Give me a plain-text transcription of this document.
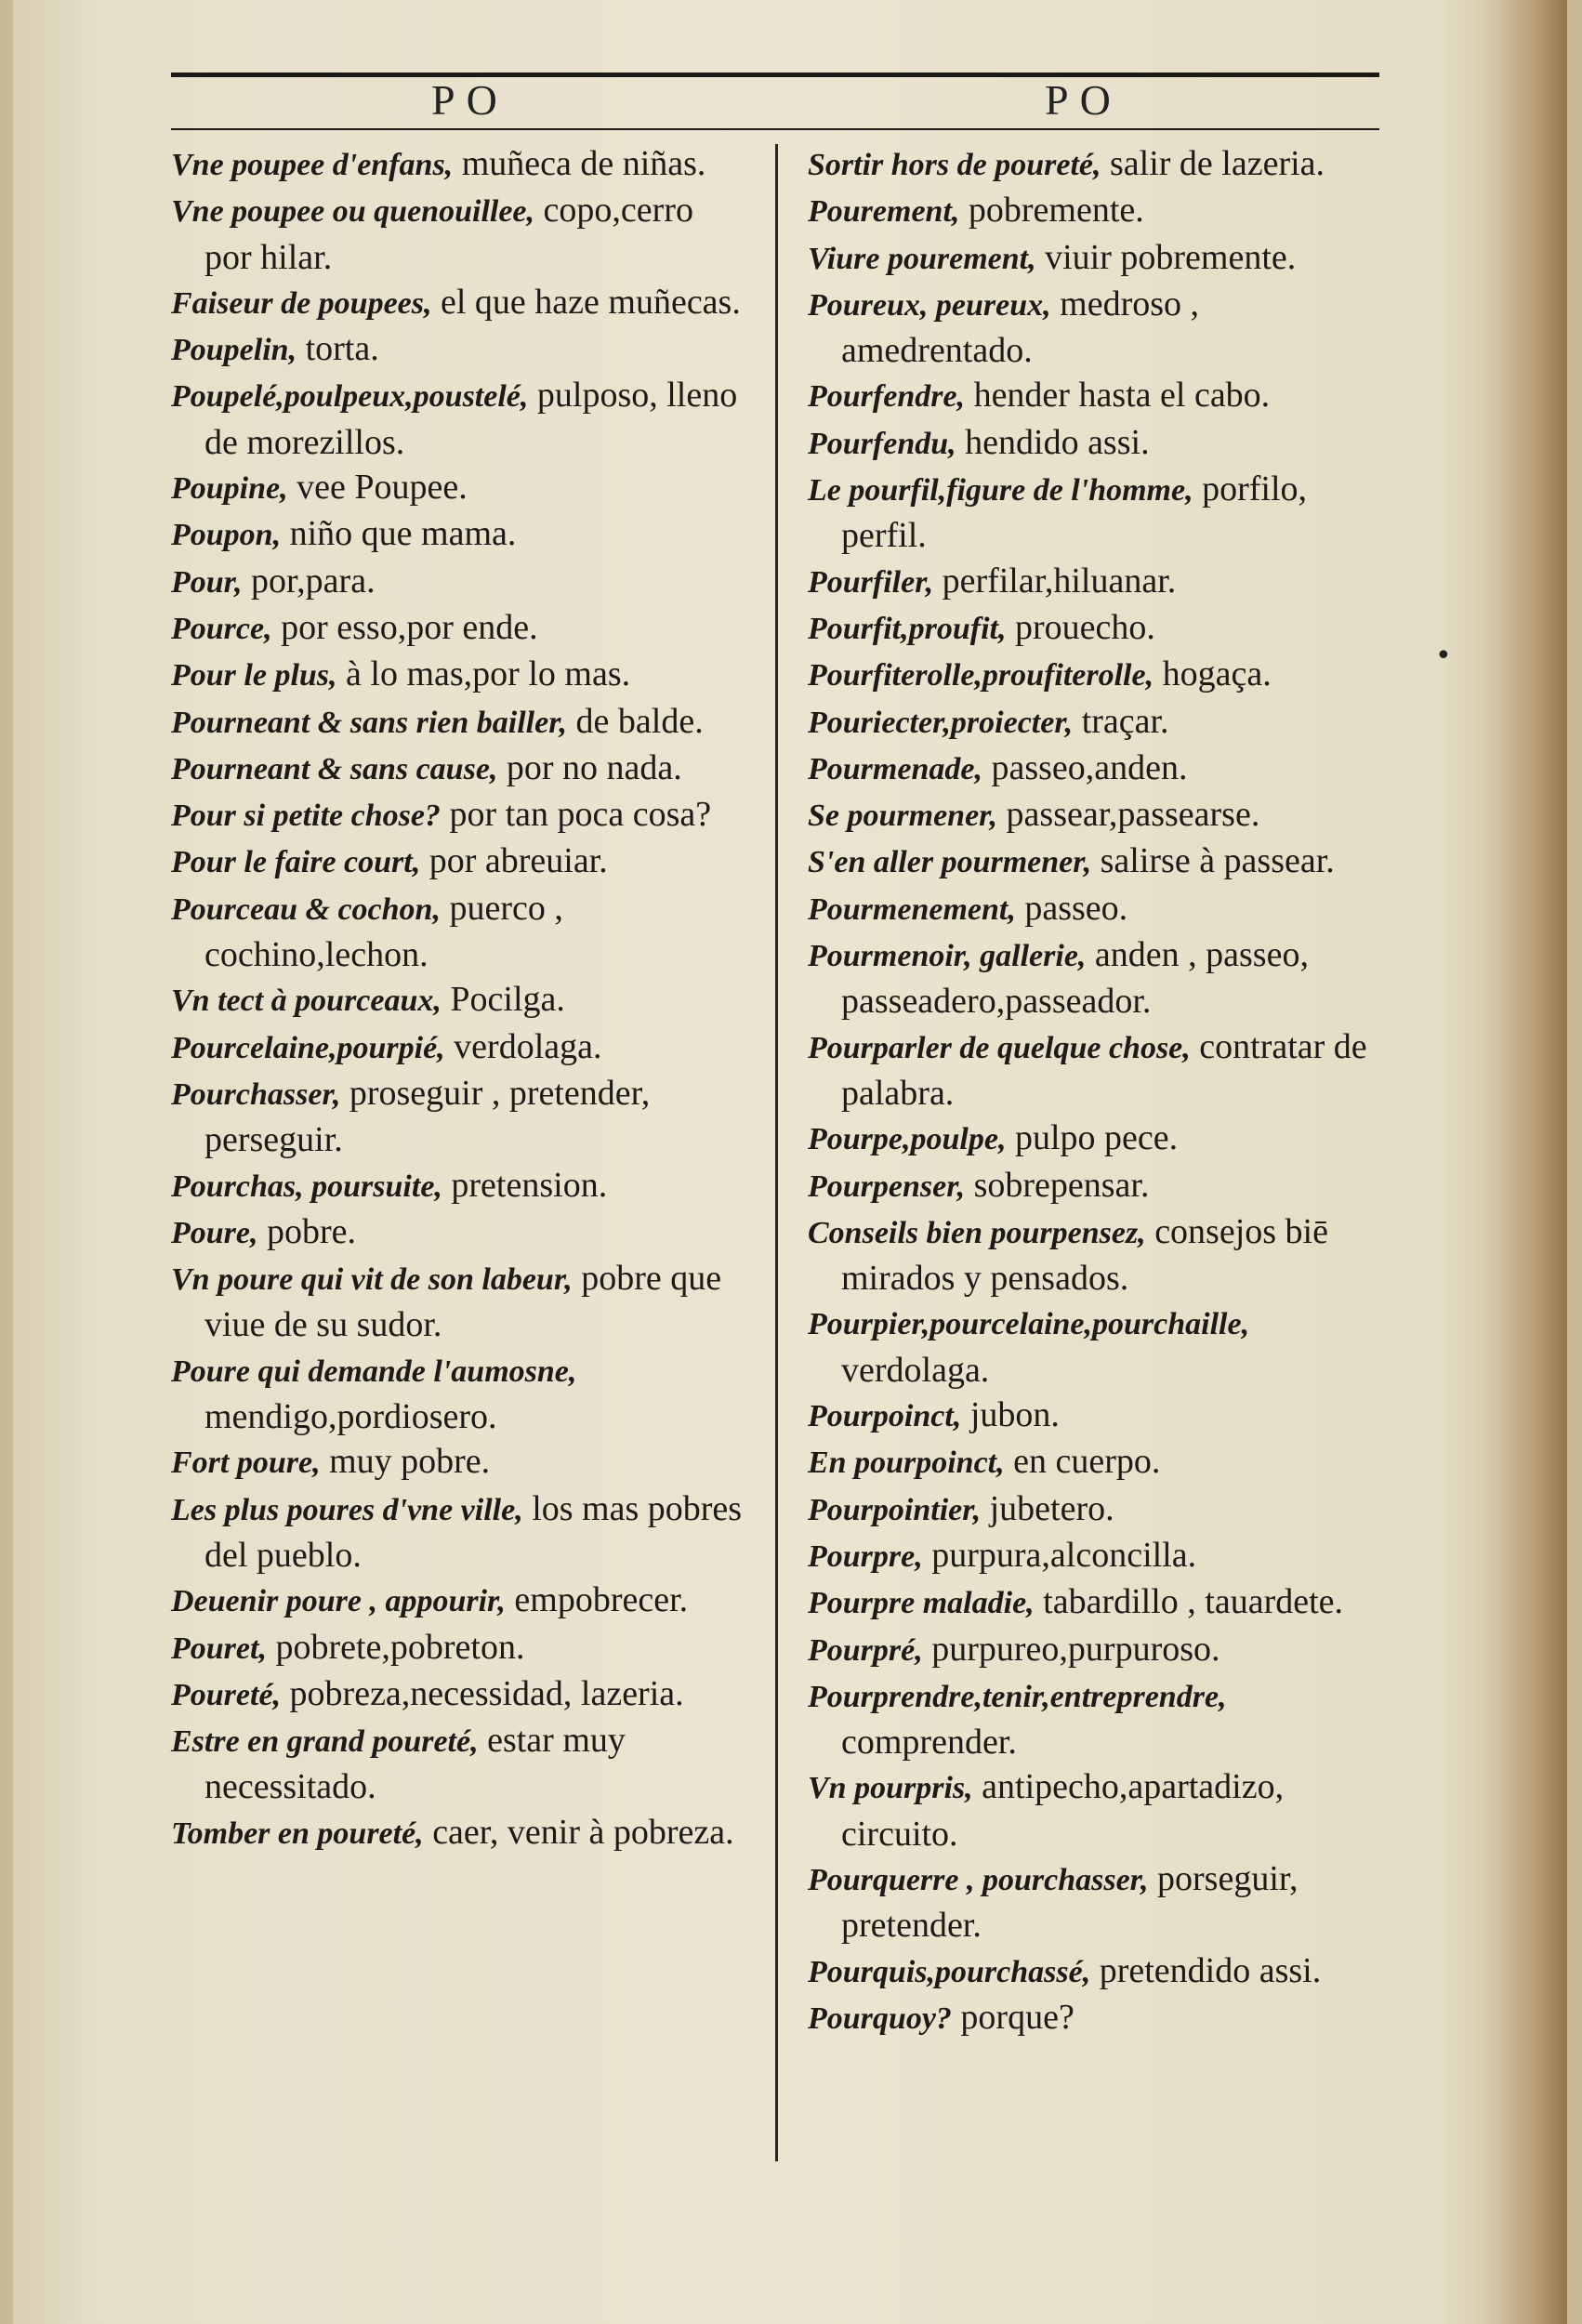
PO	PO

Vne poupee d'enfans, muñeca de niñas.

Vne poupee ou quenouillee, copo,cerro por hilar.

Faiseur de poupees, el que haze muñecas.

Poupelin, torta.

Poupelé,poulpeux,poustelé, pulposo, lleno de morezillos.

Poupine, vee Poupee.

Poupon, niño que mama.

Pour, por,para.

Pource, por esso,por ende.

Pour le plus, à lo mas,por lo mas.

Pourneant & sans rien bailler, de balde.

Pourneant & sans cause, por no nada.

Pour si petite chose? por tan poca cosa?

Pour le faire court, por abreuiar.

Pourceau & cochon, puerco , cochino,lechon.

Vn tect à pourceaux, Pocilga.

Pourcelaine,pourpié, verdolaga.

Pourchasser, proseguir , pretender, perseguir.

Pourchas, poursuite, pretension.

Poure, pobre.

Vn poure qui vit de son labeur, pobre que viue de su sudor.

Poure qui demande l'aumosne, mendigo,pordiosero.

Fort poure, muy pobre.

Les plus poures d'vne ville, los mas pobres del pueblo.

Deuenir poure , appourir, empobrecer.

Pouret, pobrete,pobreton.

Poureté, pobreza,necessidad, lazeria.

Estre en grand poureté, estar muy necessitado.

Tomber en poureté, caer, venir à pobreza.

Sortir hors de poureté, salir de lazeria.

Pourement, pobremente.

Viure pourement, viuir pobremente.

Poureux, peureux, medroso , amedrentado.

Pourfendre, hender hasta el cabo.

Pourfendu, hendido assi.

Le pourfil,figure de l'homme, porfilo, perfil.

Pourfiler, perfilar,hiluanar.

Pourfit,proufit, prouecho.

Pourfiterolle,proufiterolle, hogaça.

Pouriecter,proiecter, traçar.

Pourmenade, passeo,anden.

Se pourmener, passear,passearse.

S'en aller pourmener, salirse à passear.

Pourmenement, passeo.

Pourmenoir, gallerie, anden , passeo, passeadero,passeador.

Pourparler de quelque chose, contratar de palabra.

Pourpe,poulpe, pulpo pece.

Pourpenser, sobrepensar.

Conseils bien pourpensez, consejos biē mirados y pensados.

Pourpier,pourcelaine,pourchaille, verdolaga.

Pourpoinct, jubon.

En pourpoinct, en cuerpo.

Pourpointier, jubetero.

Pourpre, purpura,alconcilla.

Pourpre maladie, tabardillo , tauardete.

Pourpré, purpureo,purpuroso.

Pourprendre,tenir,entreprendre, comprender.

Vn pourpris, antipecho,apartadizo, circuito.

Pourquerre , pourchasser, porseguir, pretender.

Pourquis,pourchassé, pretendido assi.

Pourquoy? porque?

•
